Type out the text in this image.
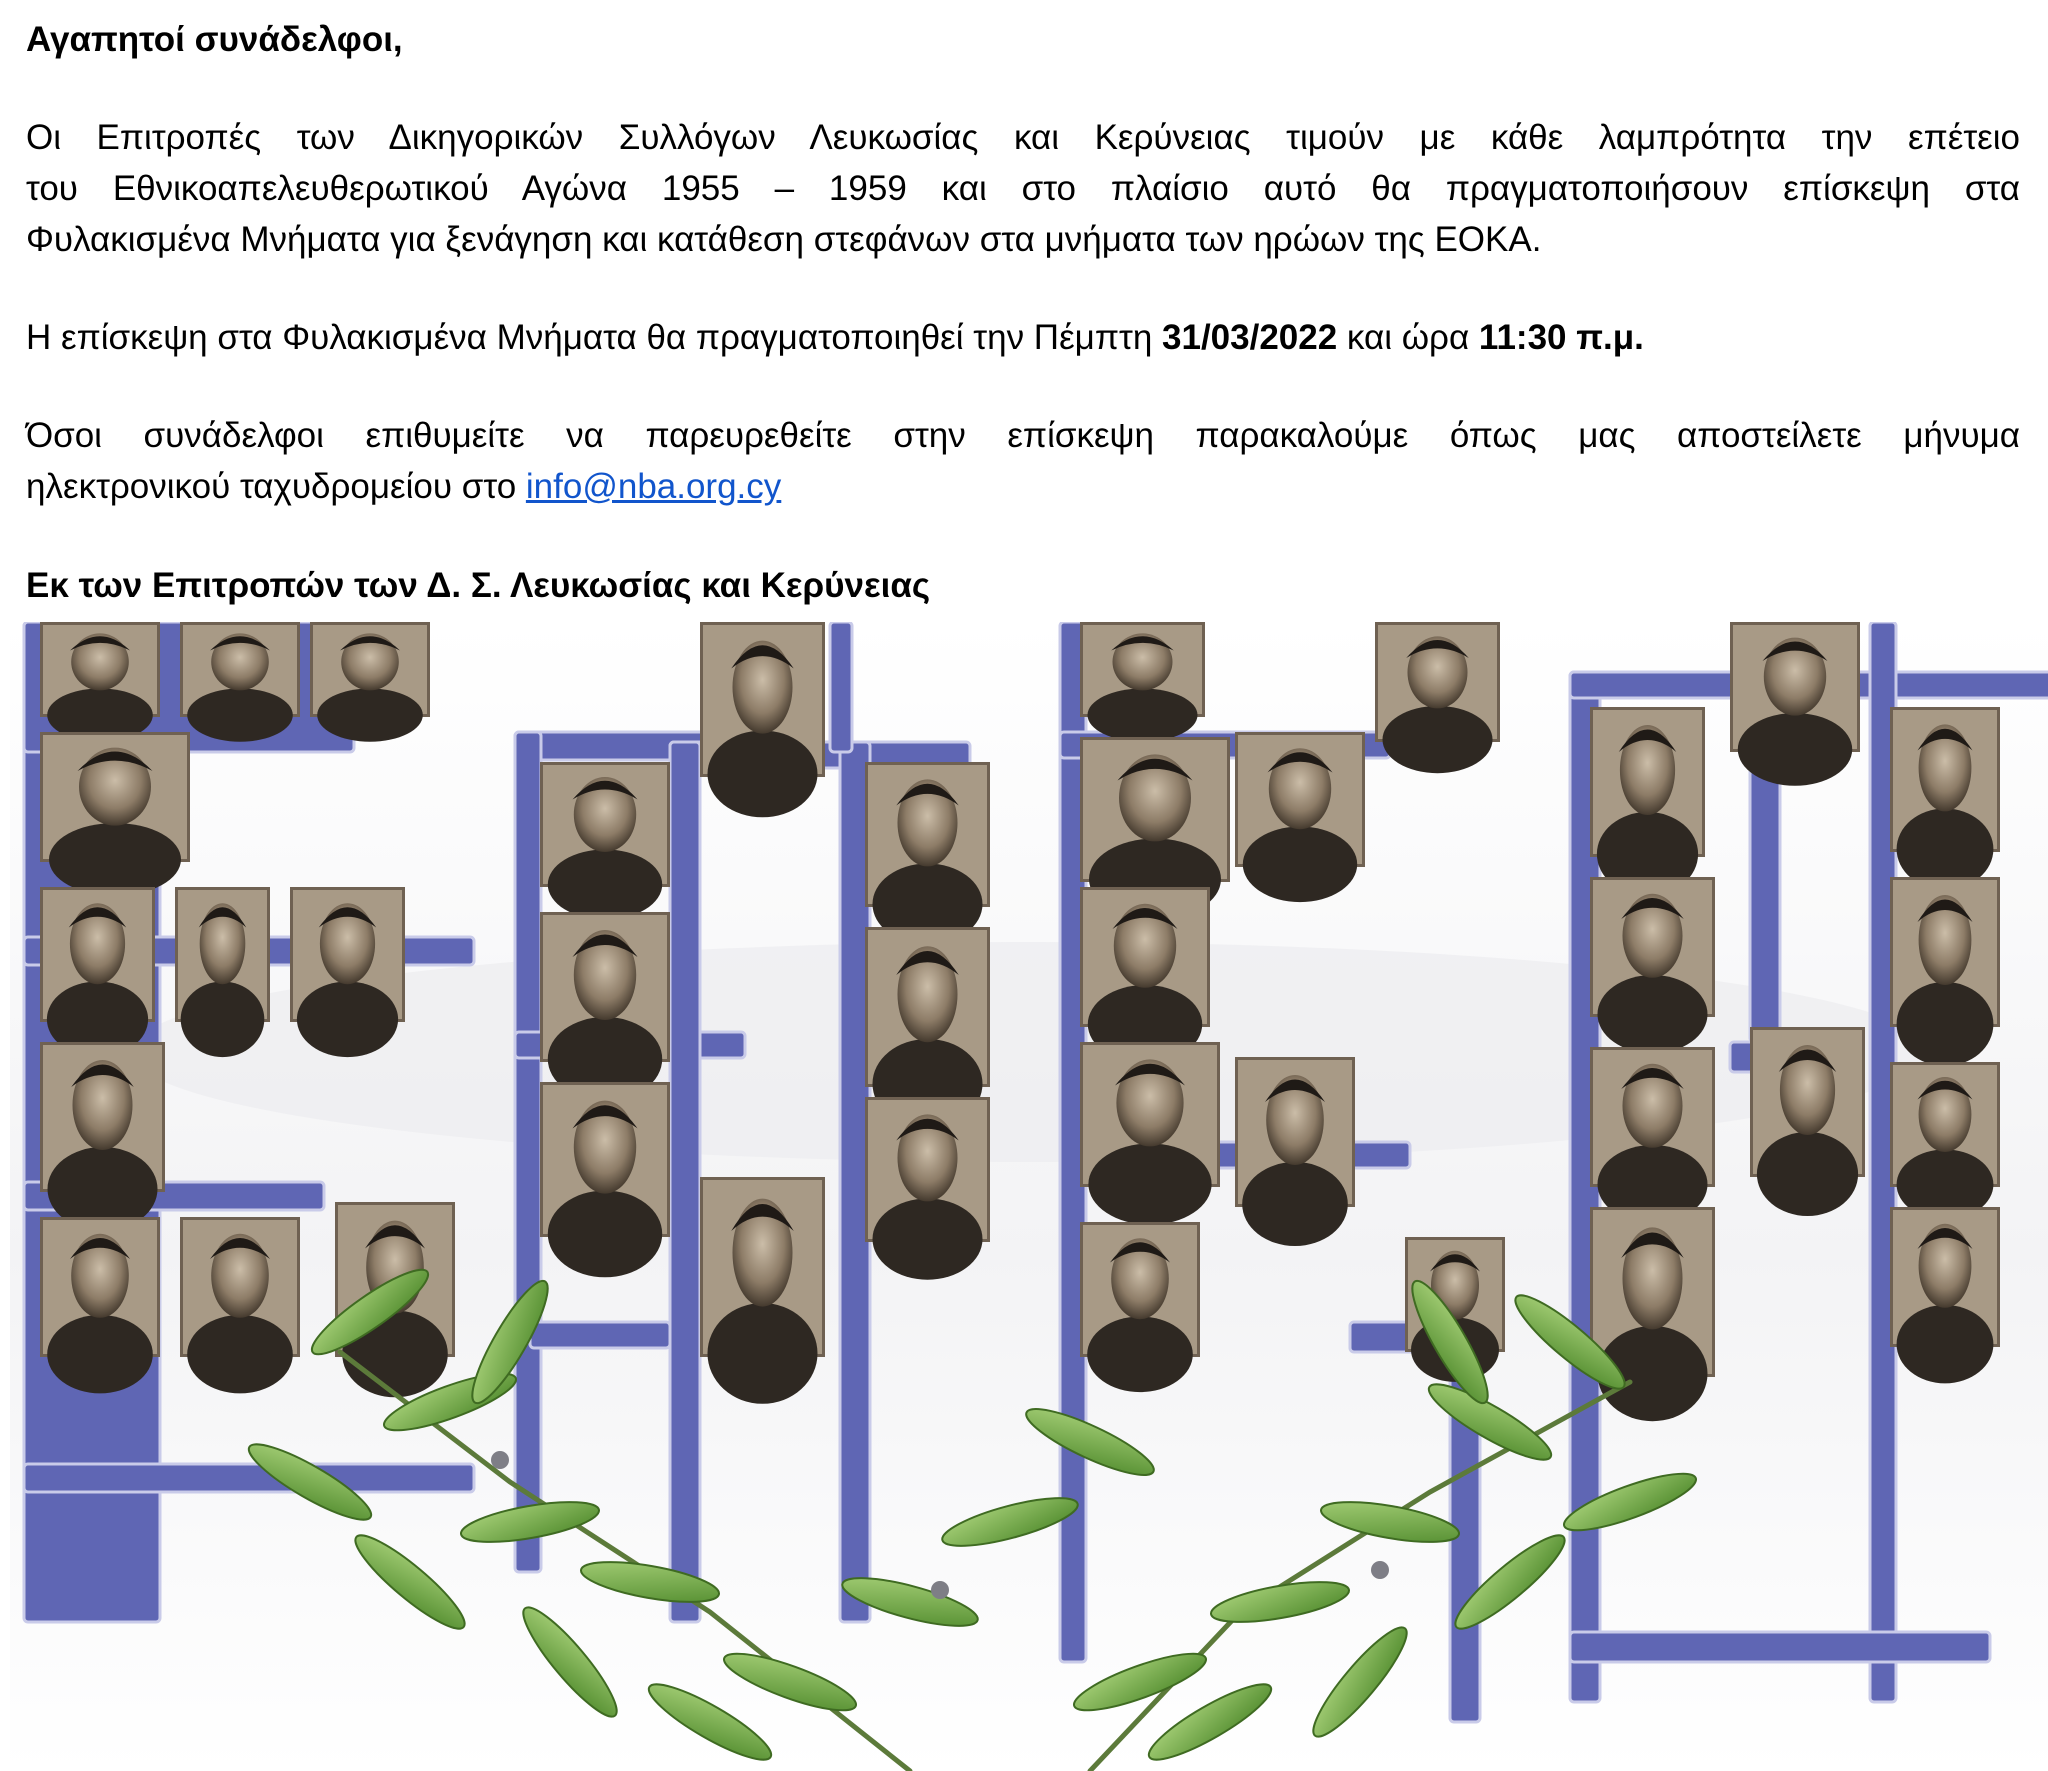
Αγαπητοί συνάδελφοι,

Οι Επιτροπές των Δικηγορικών Συλλόγων Λευκωσίας και Κερύνειας τιμούν με κάθε λαμπρότητα την επέτειο
του Εθνικοαπελευθερωτικού Αγώνα 1955 – 1959 και στο πλαίσιο αυτό θα πραγματοποιήσουν επίσκεψη στα
Φυλακισμένα Μνήματα για ξενάγηση και κατάθεση στεφάνων στα μνήματα των ηρώων της ΕΟΚΑ.

Η επίσκεψη στα Φυλακισμένα Μνήματα θα πραγματοποιηθεί την Πέμπτη 31/03/2022 και ώρα 11:30 π.μ.

Όσοι συνάδελφοι επιθυμείτε να παρευρεθείτε στην επίσκεψη παρακαλούμε όπως μας αποστείλετε μήνυμα
ηλεκτρονικού ταχυδρομείου στο info@nba.org.cy

Εκ των Επιτροπών των Δ. Σ. Λευκωσίας και Κερύνειας
